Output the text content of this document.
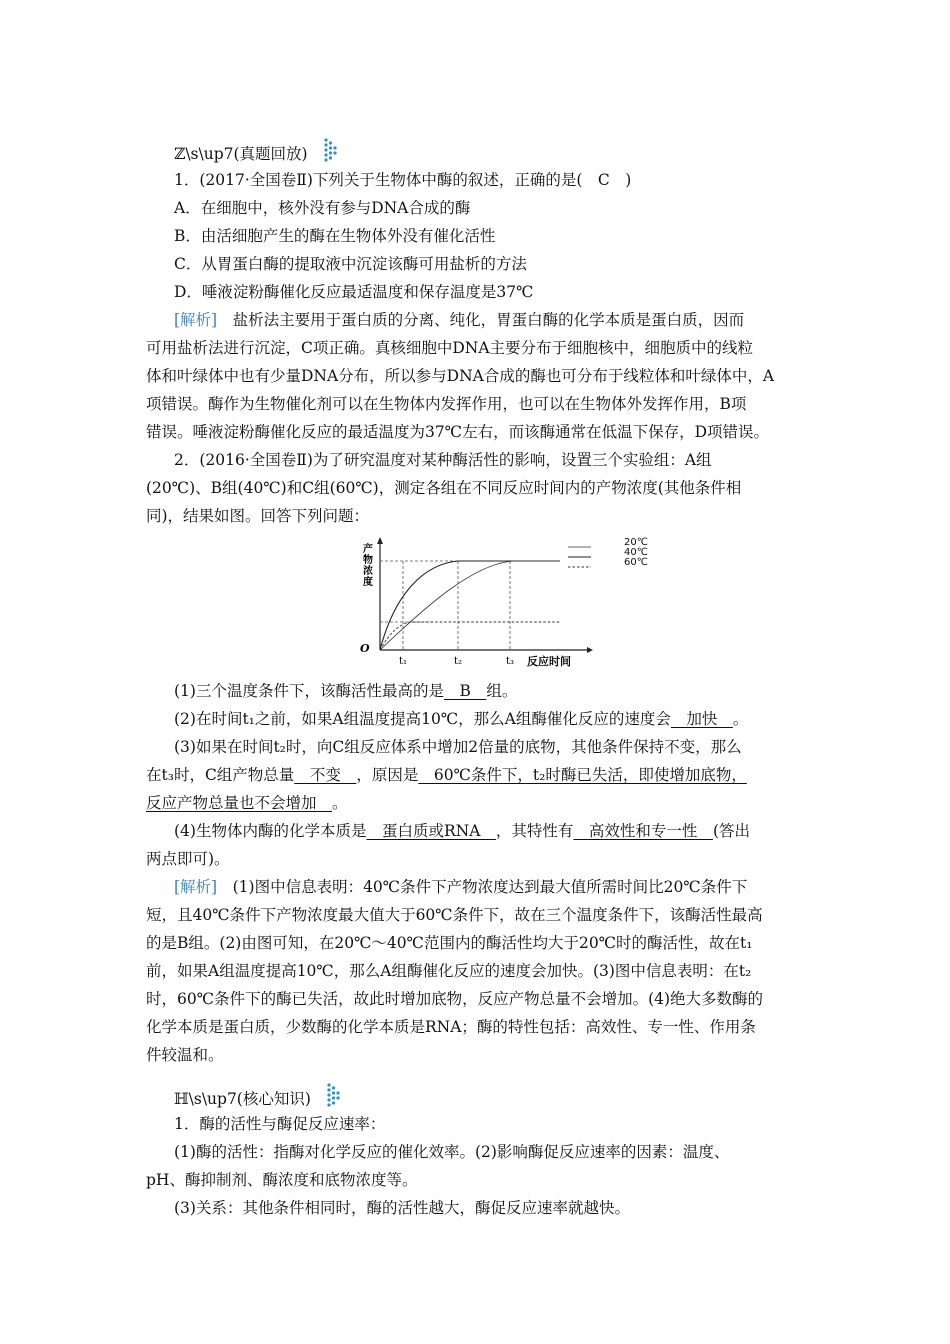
ℤ\s\up7(真题回放)
1．(2017·全国卷Ⅱ)下列关于生物体中酶的叙述，正确的是(　C　)
A．在细胞中，核外没有参与DNA合成的酶
B．由活细胞产生的酶在生物体外没有催化活性
C．从胃蛋白酶的提取液中沉淀该酶可用盐析的方法
D．唾液淀粉酶催化反应最适温度和保存温度是37℃
[解析]　盐析法主要用于蛋白质的分离、纯化，胃蛋白酶的化学本质是蛋白质，因而
可用盐析法进行沉淀，C项正确。真核细胞中DNA主要分布于细胞核中，细胞质中的线粒
体和叶绿体中也有少量DNA分布，所以参与DNA合成的酶也可分布于线粒体和叶绿体中，A
项错误。酶作为生物催化剂可以在生物体内发挥作用，也可以在生物体外发挥作用，B项
错误。唾液淀粉酶催化反应的最适温度为37℃左右，而该酶通常在低温下保存，D项错误。
2．(2016·全国卷Ⅱ)为了研究温度对某种酶活性的影响，设置三个实验组：A组
(20℃)、B组(40℃)和C组(60℃)，测定各组在不同反应时间内的产物浓度(其他条件相
同)，结果如图。回答下列问题：
O
产
物
浓
度
反应时间
t₁	t₂	t₃
20℃
40℃
60℃
(1)三个温度条件下，该酶活性最高的是　B　组。
(2)在时间t₁之前，如果A组温度提高10℃，那么A组酶催化反应的速度会　加快　。
(3)如果在时间t₂时，向C组反应体系中增加2倍量的底物，其他条件保持不变，那么
在t₃时，C组产物总量　不变　，原因是　60℃条件下，t₂时酶已失活，即使增加底物，
反应产物总量也不会增加　。
(4)生物体内酶的化学本质是　蛋白质或RNA　，其特性有　高效性和专一性　(答出
两点即可)。
[解析]　(1)图中信息表明：40℃条件下产物浓度达到最大值所需时间比20℃条件下
短，且40℃条件下产物浓度最大值大于60℃条件下，故在三个温度条件下，该酶活性最高
的是B组。(2)由图可知，在20℃～40℃范围内的酶活性均大于20℃时的酶活性，故在t₁
前，如果A组温度提高10℃，那么A组酶催化反应的速度会加快。(3)图中信息表明：在t₂
时，60℃条件下的酶已失活，故此时增加底物，反应产物总量不会增加。(4)绝大多数酶的
化学本质是蛋白质，少数酶的化学本质是RNA；酶的特性包括：高效性、专一性、作用条
件较温和。
ℍ\s\up7(核心知识)
1．酶的活性与酶促反应速率：
(1)酶的活性：指酶对化学反应的催化效率。(2)影响酶促反应速率的因素：温度、
pH、酶抑制剂、酶浓度和底物浓度等。
(3)关系：其他条件相同时，酶的活性越大，酶促反应速率就越快。
